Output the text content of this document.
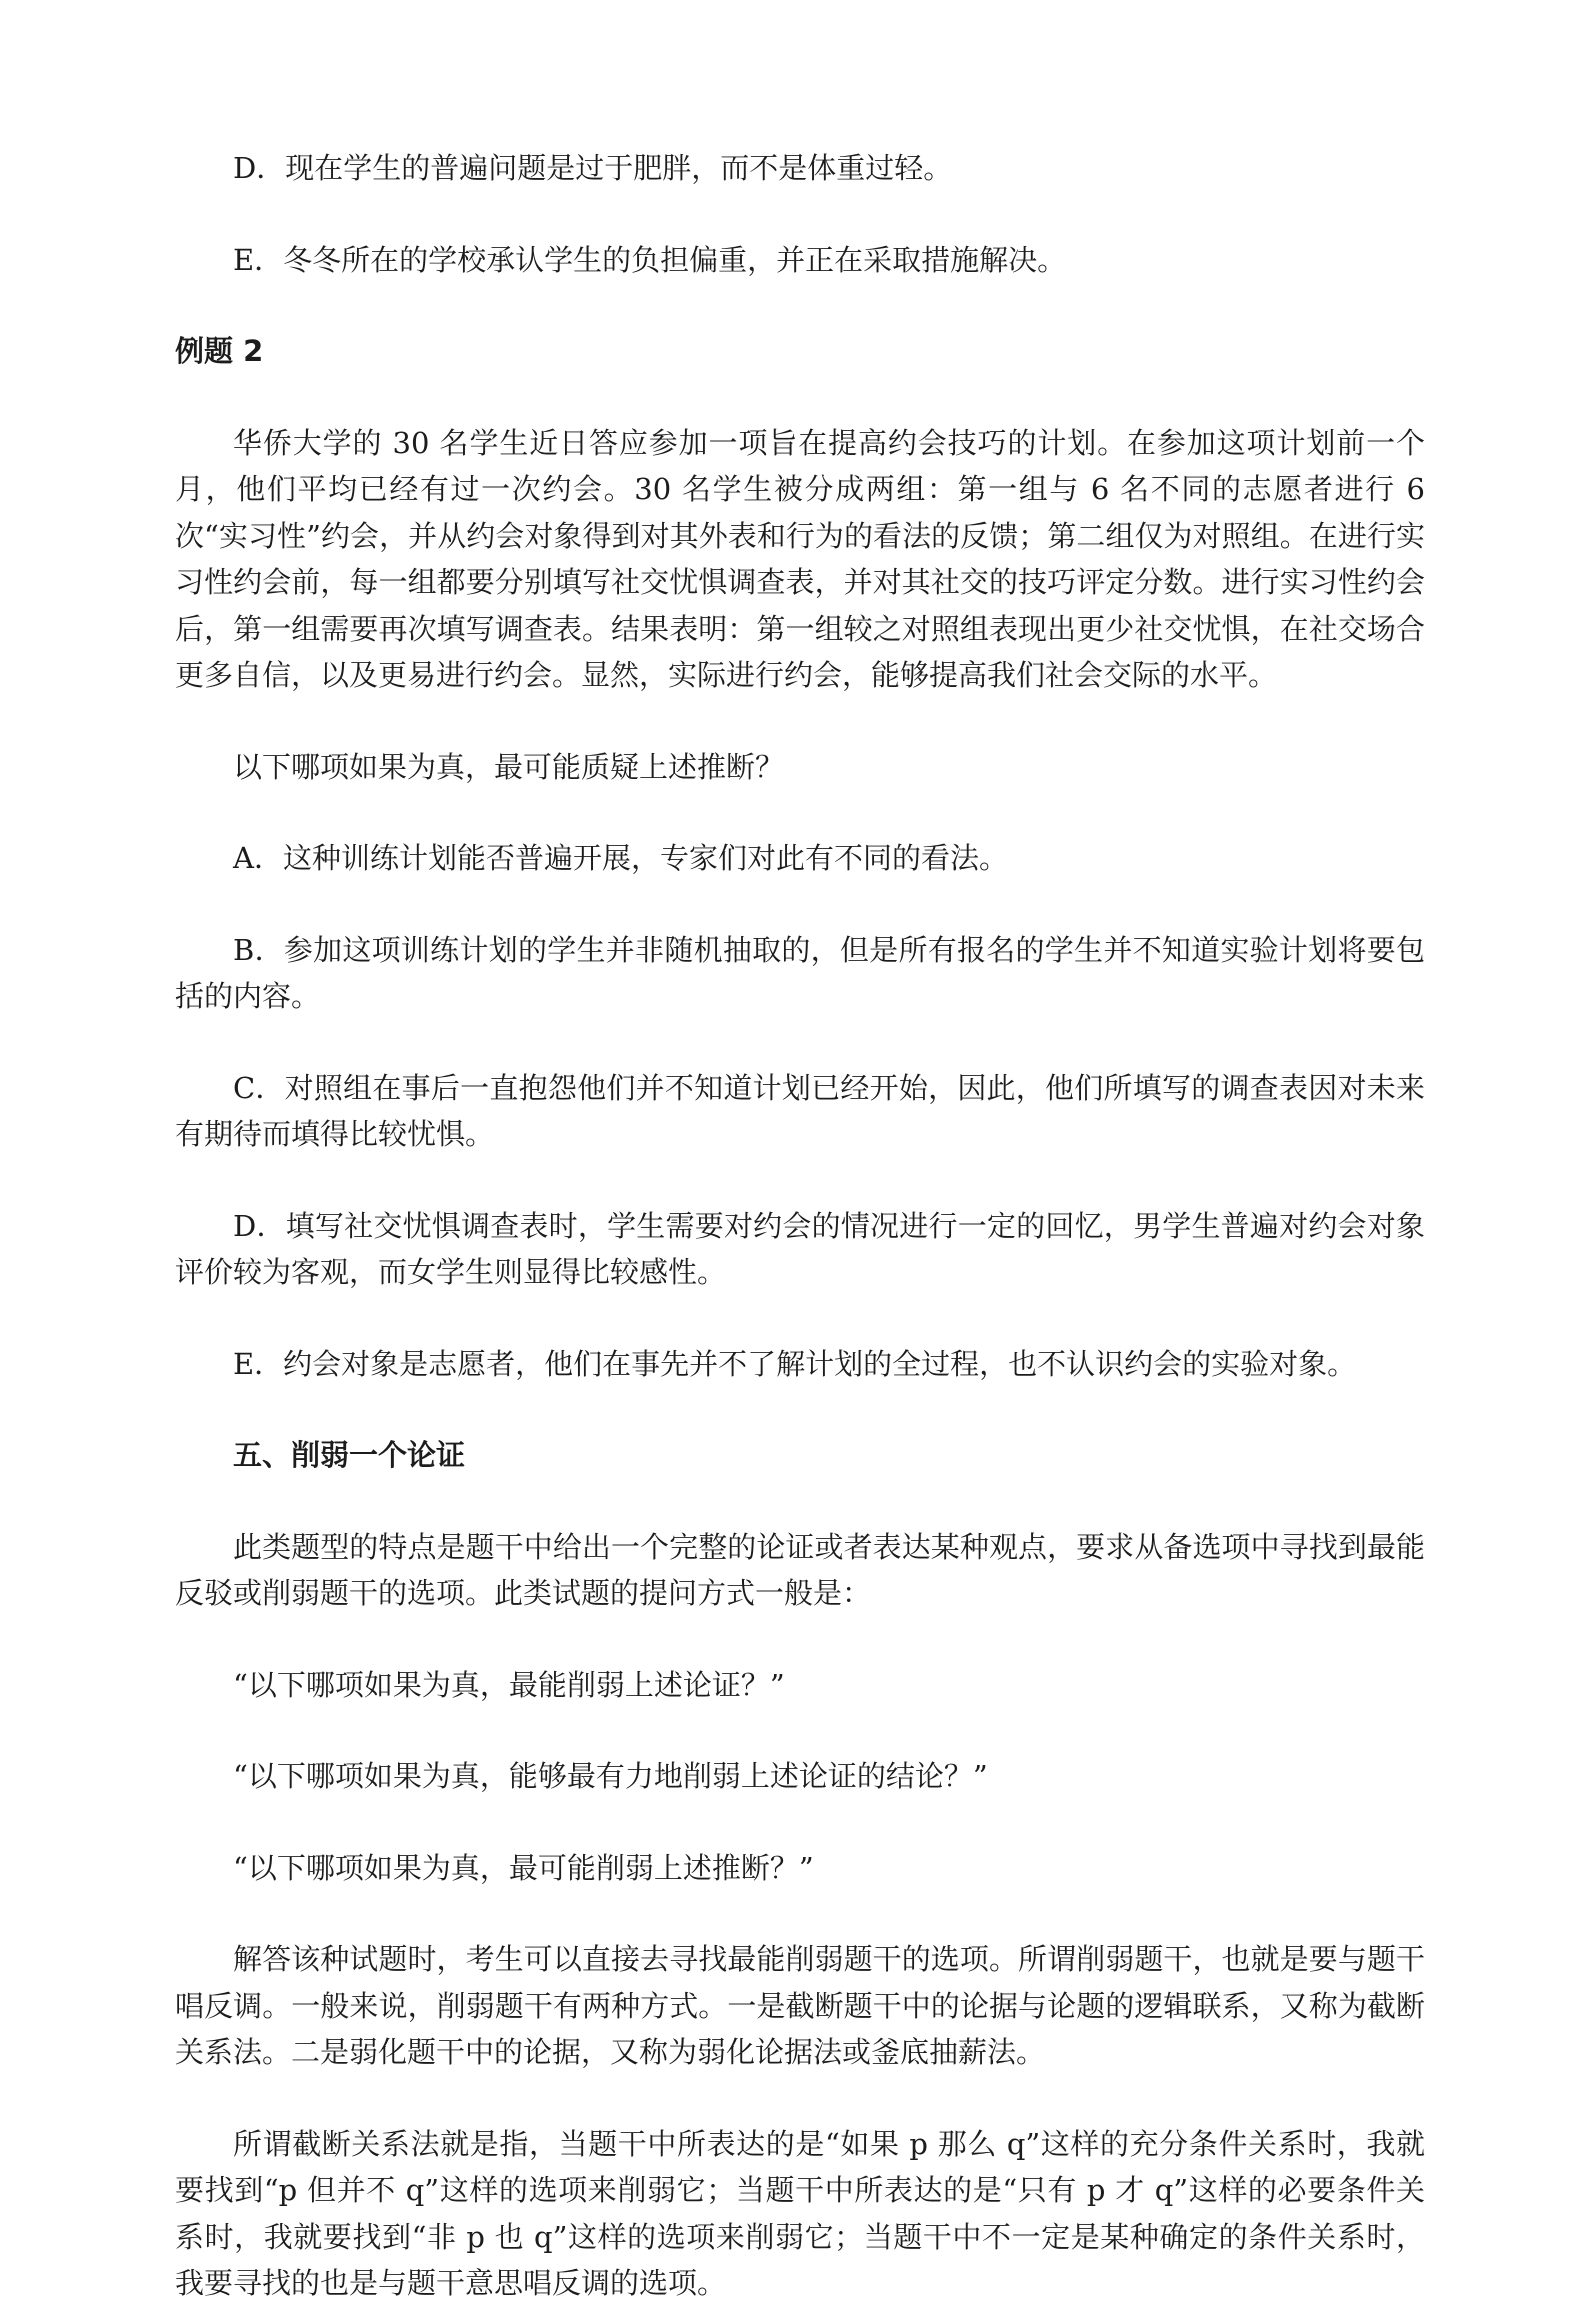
D．现在学生的普遍问题是过于肥胖，而不是体重过轻。

E．冬冬所在的学校承认学生的负担偏重，并正在采取措施解决。

例题 2

华侨大学的 30 名学生近日答应参加一项旨在提高约会技巧的计划。在参加这项计划前一个月，他们平均已经有过一次约会。30 名学生被分成两组：第一组与 6 名不同的志愿者进行 6 次“实习性”约会，并从约会对象得到对其外表和行为的看法的反馈；第二组仅为对照组。在进行实习性约会前，每一组都要分别填写社交忧惧调查表，并对其社交的技巧评定分数。进行实习性约会后，第一组需要再次填写调查表。结果表明：第一组较之对照组表现出更少社交忧惧，在社交场合更多自信，以及更易进行约会。显然，实际进行约会，能够提高我们社会交际的水平。

以下哪项如果为真，最可能质疑上述推断？

A．这种训练计划能否普遍开展，专家们对此有不同的看法。

B．参加这项训练计划的学生并非随机抽取的，但是所有报名的学生并不知道实验计划将要包括的内容。

C．对照组在事后一直抱怨他们并不知道计划已经开始，因此，他们所填写的调查表因对未来有期待而填得比较忧惧。

D．填写社交忧惧调查表时，学生需要对约会的情况进行一定的回忆，男学生普遍对约会对象评价较为客观，而女学生则显得比较感性。

E．约会对象是志愿者，他们在事先并不了解计划的全过程，也不认识约会的实验对象。

五、削弱一个论证

此类题型的特点是题干中给出一个完整的论证或者表达某种观点，要求从备选项中寻找到最能反驳或削弱题干的选项。此类试题的提问方式一般是：

“以下哪项如果为真，最能削弱上述论证？”

“以下哪项如果为真，能够最有力地削弱上述论证的结论？”

“以下哪项如果为真，最可能削弱上述推断？”

解答该种试题时，考生可以直接去寻找最能削弱题干的选项。所谓削弱题干，也就是要与题干唱反调。一般来说，削弱题干有两种方式。一是截断题干中的论据与论题的逻辑联系，又称为截断关系法。二是弱化题干中的论据，又称为弱化论据法或釜底抽薪法。

所谓截断关系法就是指，当题干中所表达的是“如果 p 那么 q”这样的充分条件关系时，我就要找到“p 但并不 q”这样的选项来削弱它；当题干中所表达的是“只有 p 才 q”这样的必要条件关系时，我就要找到“非 p 也 q”这样的选项来削弱它；当题干中不一定是某种确定的条件关系时，我要寻找的也是与题干意思唱反调的选项。
